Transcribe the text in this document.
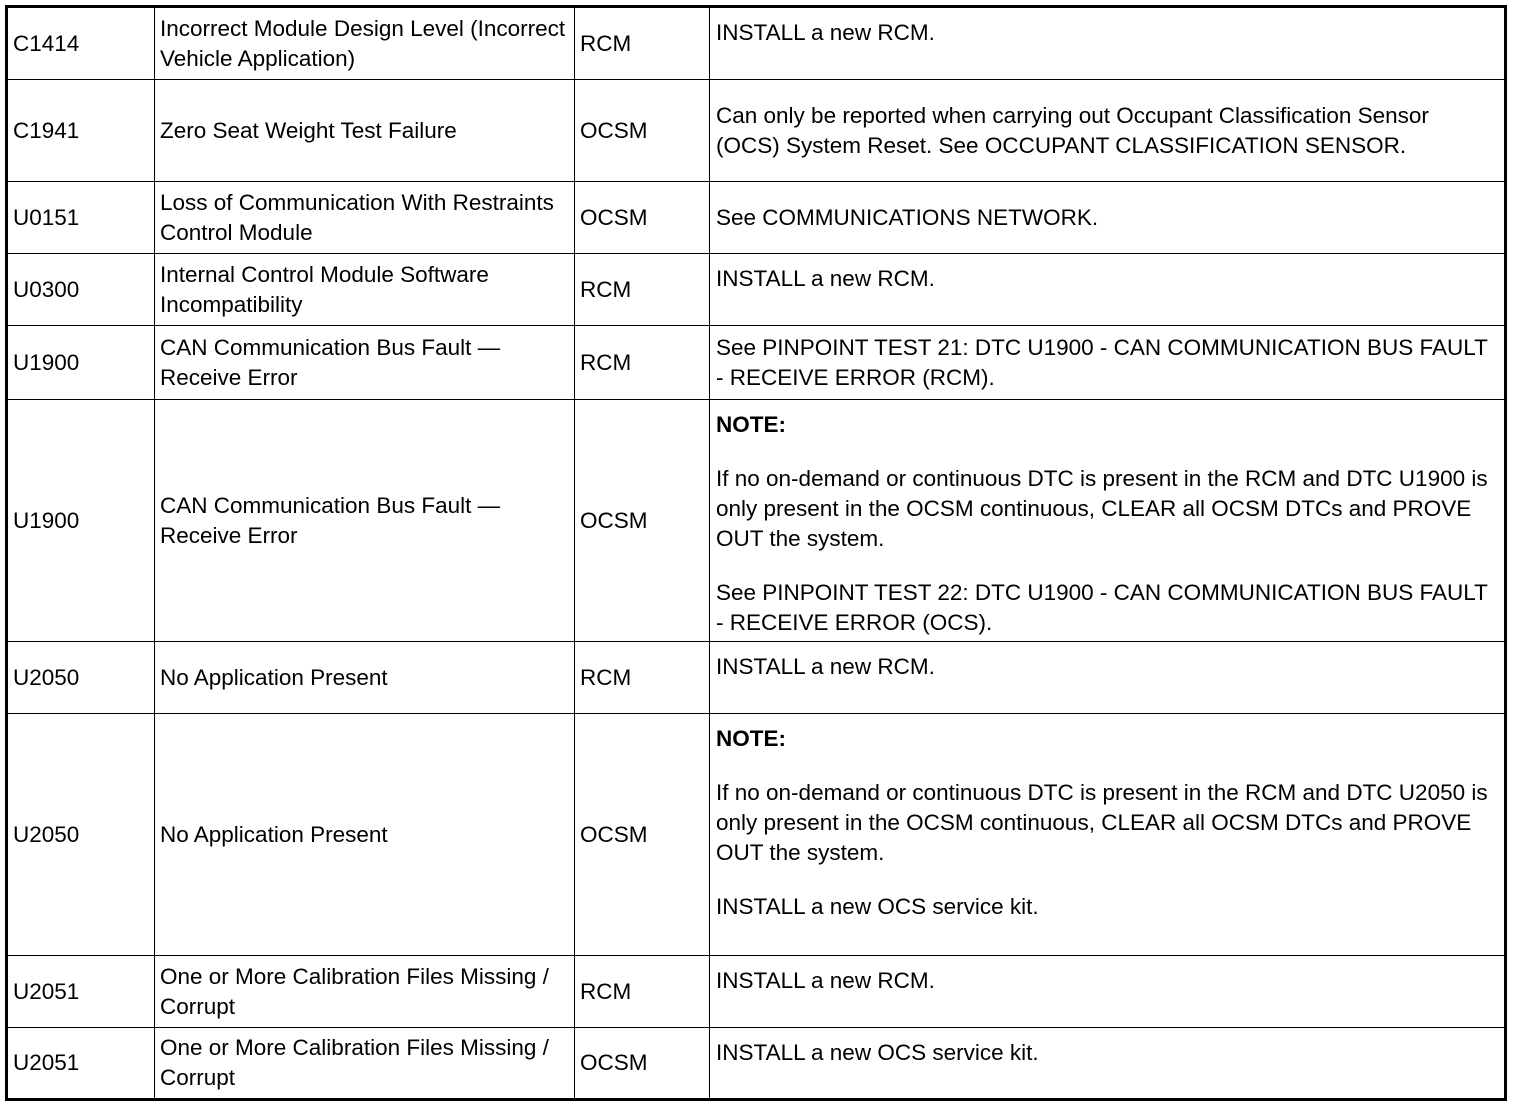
C1414	Incorrect Module Design Level (Incorrect Vehicle Application)	RCM	INSTALL a new RCM.

C1941	Zero Seat Weight Test Failure	OCSM	Can only be reported when carrying out Occupant Classification Sensor (OCS) System Reset. See OCCUPANT CLASSIFICATION SENSOR.

U0151	Loss of Communication With Restraints Control Module	OCSM	See COMMUNICATIONS NETWORK.

U0300	Internal Control Module Software Incompatibility	RCM	INSTALL a new RCM.

U1900	CAN Communication Bus Fault — Receive Error	RCM	See PINPOINT TEST 21: DTC U1900 - CAN COMMUNICATION BUS FAULT - RECEIVE ERROR (RCM).

U1900	CAN Communication Bus Fault — Receive Error	OCSM	NOTE:
If no on-demand or continuous DTC is present in the RCM and DTC U1900 is only present in the OCSM continuous, CLEAR all OCSM DTCs and PROVE OUT the system.
See PINPOINT TEST 22: DTC U1900 - CAN COMMUNICATION BUS FAULT - RECEIVE ERROR (OCS).

U2050	No Application Present	RCM	INSTALL a new RCM.

U2050	No Application Present	OCSM	NOTE:
If no on-demand or continuous DTC is present in the RCM and DTC U2050 is only present in the OCSM continuous, CLEAR all OCSM DTCs and PROVE OUT the system.
INSTALL a new OCS service kit.

U2051	One or More Calibration Files Missing / Corrupt	RCM	INSTALL a new RCM.

U2051	One or More Calibration Files Missing / Corrupt	OCSM	INSTALL a new OCS service kit.
